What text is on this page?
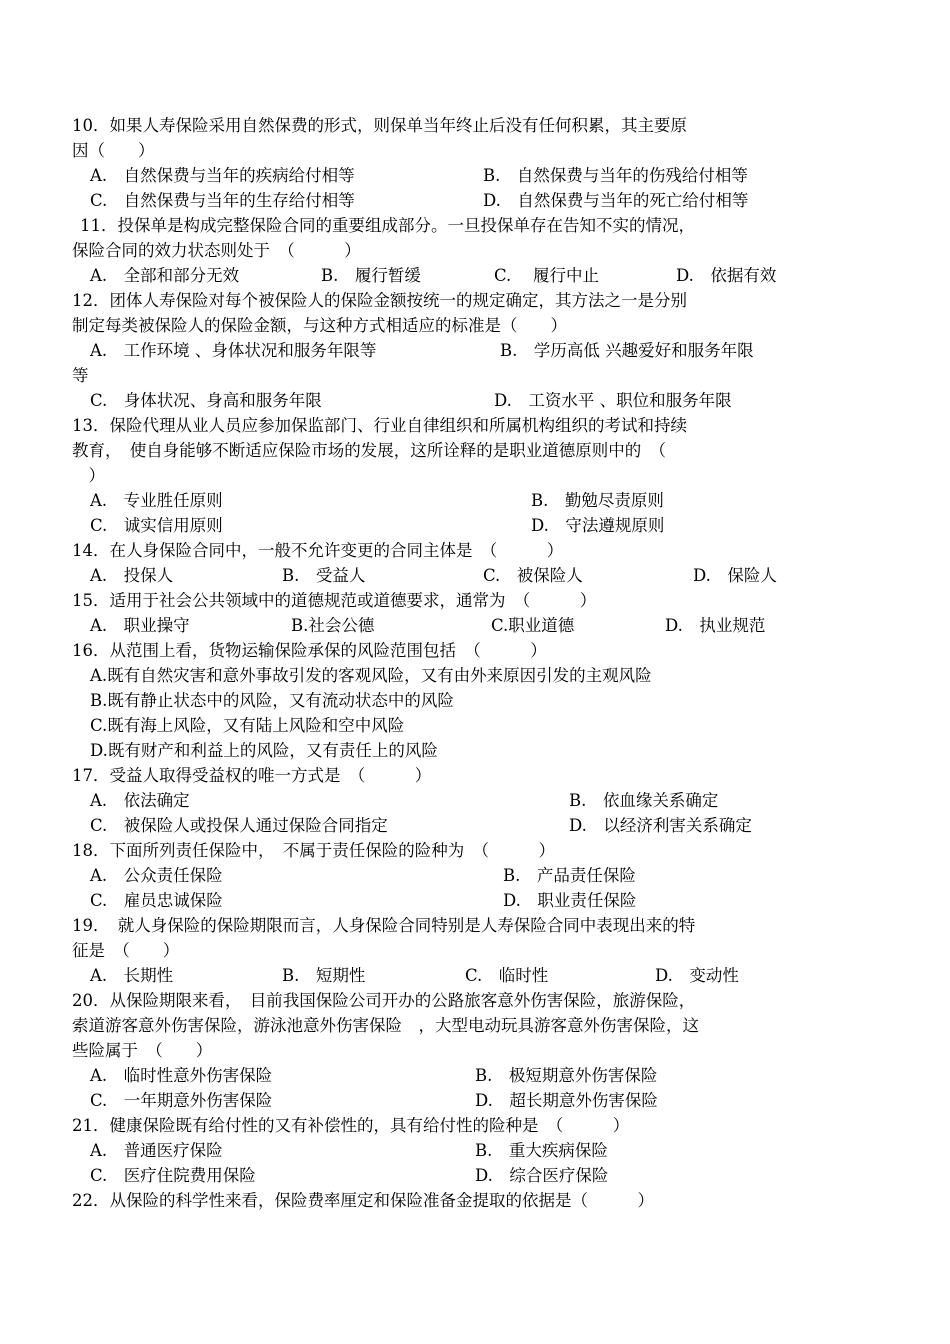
10．如果人寿保险采用自然保费的形式，则保单当年终止后没有任何积累，其主要原
因（　　）
A.　自然保费与当年的疾病给付相等	B.　自然保费与当年的伤残给付相等
C.　自然保费与当年的生存给付相等	D.　自然保费与当年的死亡给付相等
11．投保单是构成完整保险合同的重要组成部分。一旦投保单存在告知不实的情况，
保险合同的效力状态则处于　（　　　）
A.　全部和部分无效	B.　履行暂缓	C.　 履行中止	D.　依据有效
12．团体人寿保险对每个被保险人的保险金额按统一的规定确定，其方法之一是分别
制定每类被保险人的保险金额，与这种方式相适应的标准是（　　）
A.　工作环境 、身体状况和服务年限等	B.　学历高低 兴趣爱好和服务年限
等
C.　身体状况、身高和服务年限	D.　工资水平 、职位和服务年限
13．保险代理从业人员应参加保监部门、行业自律组织和所属机构组织的考试和持续
教育，　使自身能够不断适应保险市场的发展，这所诠释的是职业道德原则中的　（
　）
A.　专业胜任原则	B.　勤勉尽责原则
C.　诚实信用原则	D.　守法遵规原则
14．在人身保险合同中，一般不允许变更的合同主体是　（　　　）
A.　投保人	B.　受益人	C.　被保险人	D.　保险人
15．适用于社会公共领域中的道德规范或道德要求，通常为　（　　　）
A.　职业操守	B.社会公德	C.职业道德	D.　执业规范
16．从范围上看，货物运输保险承保的风险范围包括　（　　　）
A.既有自然灾害和意外事故引发的客观风险，又有由外来原因引发的主观风险
B.既有静止状态中的风险，又有流动状态中的风险
C.既有海上风险，又有陆上风险和空中风险
D.既有财产和利益上的风险，又有责任上的风险
17．受益人取得受益权的唯一方式是　（　　　）
A.　依法确定	B.　依血缘关系确定
C.　被保险人或投保人通过保险合同指定	D.　以经济利害关系确定
18．下面所列责任保险中，　不属于责任保险的险种为　（　　　）
A.　公众责任保险	B.　产品责任保险
C.　雇员忠诚保险	D.　职业责任保险
19．　就人身保险的保险期限而言，人身保险合同特别是人寿保险合同中表现出来的特
征是　（　　）
A.　长期性	B.　短期性	C.　临时性	D.　变动性
20．从保险期限来看，　目前我国保险公司开办的公路旅客意外伤害保险，旅游保险，
索道游客意外伤害保险，游泳池意外伤害保险　，大型电动玩具游客意外伤害保险，这
些险属于　（　　）
A.　临时性意外伤害保险	B.　极短期意外伤害保险
C.　一年期意外伤害保险	D.　超长期意外伤害保险
21．健康保险既有给付性的又有补偿性的，具有给付性的险种是　（　　　）
A.　普通医疗保险	B.　重大疾病保险
C.　医疗住院费用保险	D.　综合医疗保险
22．从保险的科学性来看，保险费率厘定和保险准备金提取的依据是（　　　）
